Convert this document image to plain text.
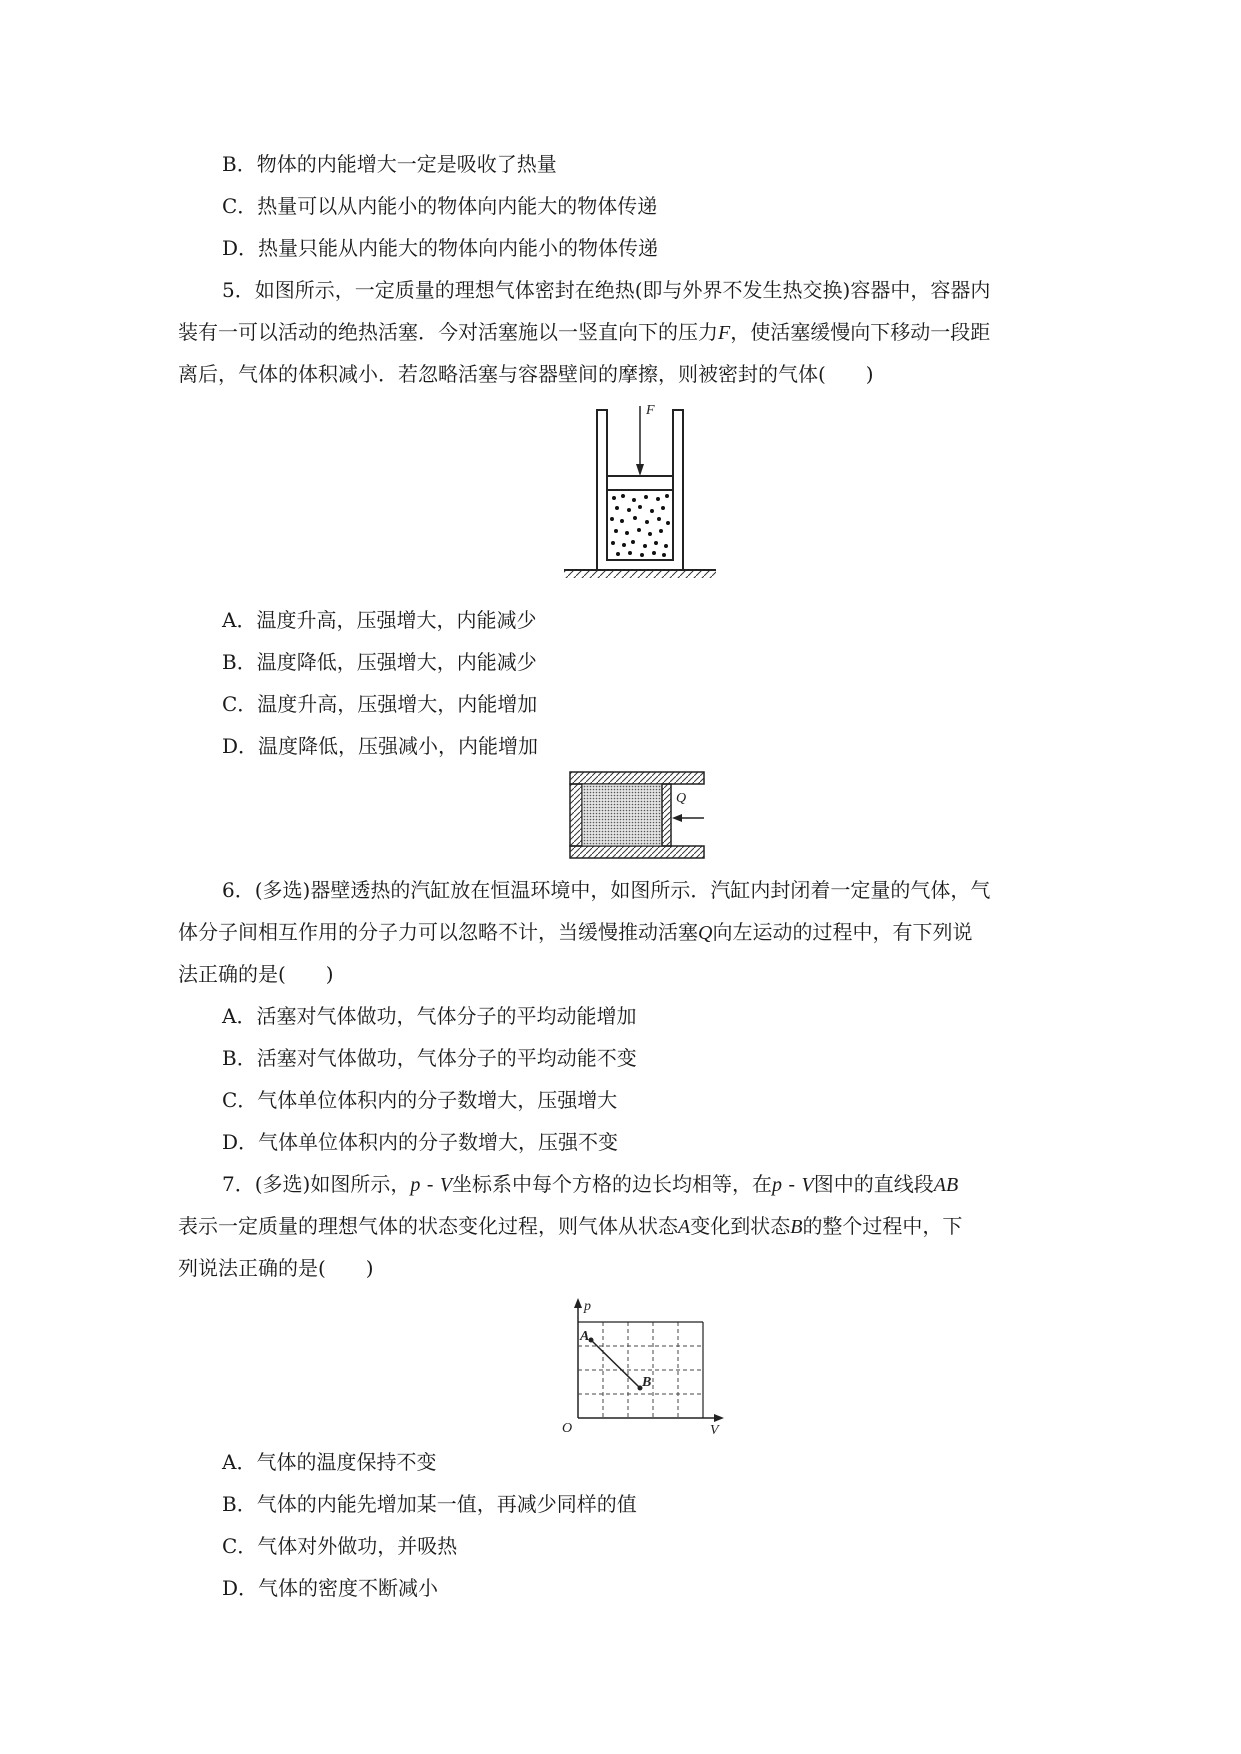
B．物体的内能增大一定是吸收了热量
C．热量可以从内能小的物体向内能大的物体传递
D．热量只能从内能大的物体向内能小的物体传递
5．如图所示，一定质量的理想气体密封在绝热(即与外界不发生热交换)容器中，容器内
装有一可以活动的绝热活塞．今对活塞施以一竖直向下的压力F，使活塞缓慢向下移动一段距
离后，气体的体积减小．若忽略活塞与容器壁间的摩擦，则被密封的气体(　　)
F
A．温度升高，压强增大，内能减少
B．温度降低，压强增大，内能减少
C．温度升高，压强增大，内能增加
D．温度降低，压强减小，内能增加
Q
6．(多选)器壁透热的汽缸放在恒温环境中，如图所示．汽缸内封闭着一定量的气体，气
体分子间相互作用的分子力可以忽略不计，当缓慢推动活塞Q向左运动的过程中，有下列说
法正确的是(　　)
A．活塞对气体做功，气体分子的平均动能增加
B．活塞对气体做功，气体分子的平均动能不变
C．气体单位体积内的分子数增大，压强增大
D．气体单位体积内的分子数增大，压强不变
7．(多选)如图所示，p - V坐标系中每个方格的边长均相等，在p - V图中的直线段AB
表示一定质量的理想气体的状态变化过程，则气体从状态A变化到状态B的整个过程中，下
列说法正确的是(　　)
p
V
O
A
B
A．气体的温度保持不变
B．气体的内能先增加某一值，再减少同样的值
C．气体对外做功，并吸热
D．气体的密度不断减小
